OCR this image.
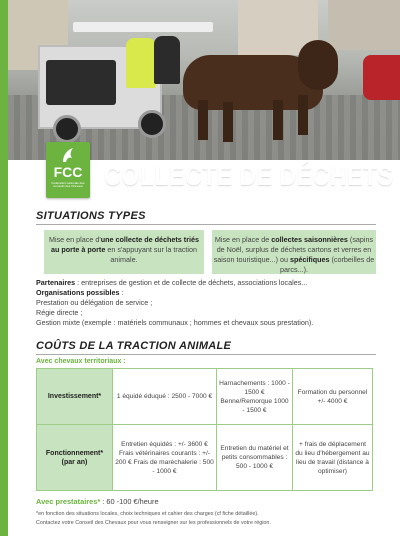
FCC
Fédération nationale des Conseils des Chevaux COLLECTE DE DÉCHETS
SITUATIONS TYPES
Mise en place d'une collecte de déchets triés au porte à porte en s'appuyant sur la traction animale.
Mise en place de collectes saisonnières (sapins de Noël, surplus de déchets cartons et verres en saison touristique...) ou spécifiques (corbeilles de parcs...).
Partenaires : entreprises de gestion et de collecte de déchets, associations locales...
Organisations possibles :
Prestation ou délégation de service ;
Régie directe ;
Gestion mixte (exemple : matériels communaux ; hommes et chevaux sous prestation).
COÛTS DE LA TRACTION ANIMALE
Avec chevaux territoriaux :
Investissement*	1 équidé éduqué : 2500 - 7000 €	Harnachements : 1000 - 1500 € Benne/Remorque 1000 - 1500 €	Formation du personnel +/- 4000 €
Fonctionnement* (par an)	Entretien équidés : +/- 3600 € Frais vétérinaires courants : +/- 200 € Frais de maréchalerie : 500 - 1000 €	Entretien du matériel et petits consommables : 500 - 1000 €	+ frais de déplacement du lieu d'hébergement au lieu de travail (distance à optimiser)
Avec prestataires* : 60 -100 €/heure
*en fonction des situations locales, choix techniques et cahier des charges (cf fiche détaillée).
Contactez votre Conseil des Chevaux pour vous renseigner sur les professionnels de votre région.
